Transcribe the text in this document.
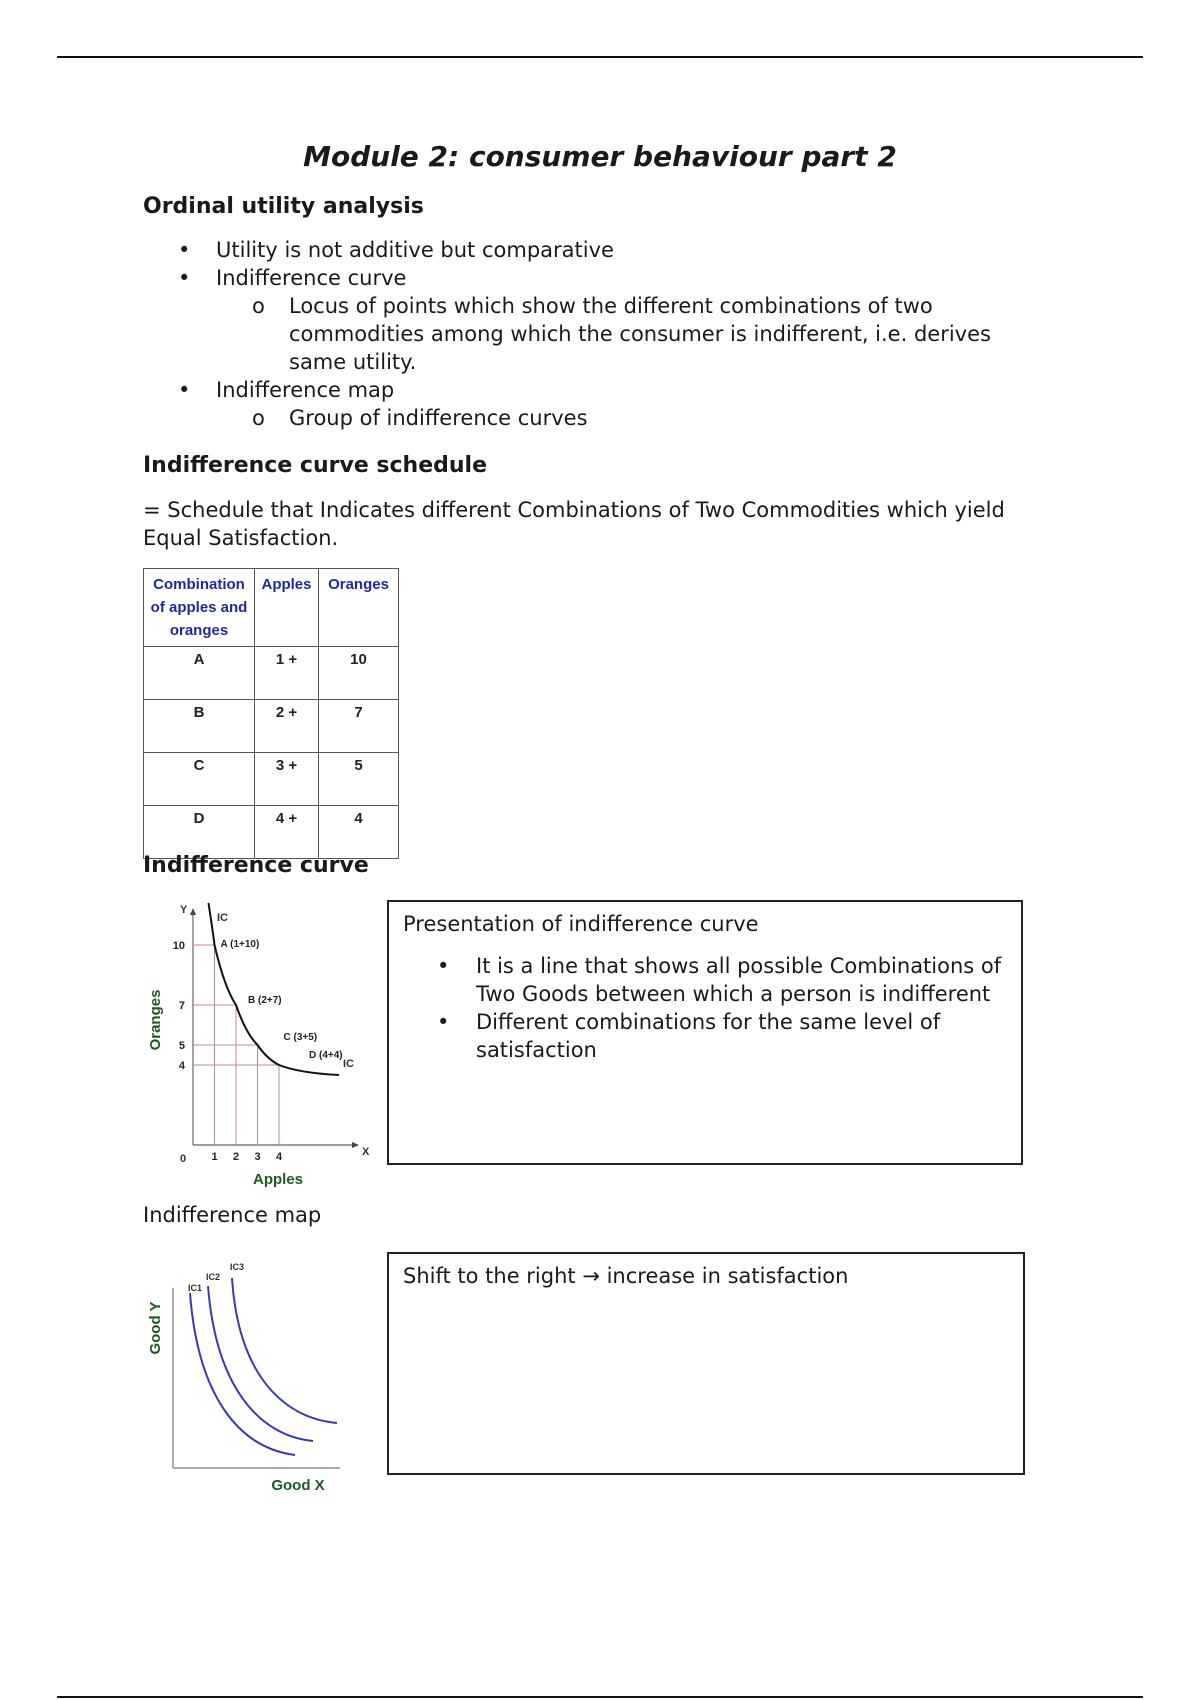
Module 2: consumer behaviour part 2
Ordinal utility analysis
• Utility is not additive but comparative
• Indifference curve
o Locus of points which show the different combinations of two commodities among which the consumer is indifferent, i.e. derives same utility.
• Indifference map
o Group of indifference curves
Indifference curve schedule

= Schedule that Indicates different Combinations of Two Commodities which yield Equal Satisfaction.

Combination of apples and oranges	Apples	Oranges
A	1 +	10
B	2 +	7
C	3 +	5
D	4 +	4
Indifference curve
1 2 3 4
10
7
5
4
A (1+10)
B (2+7)
C (3+5)
D (4+4)
X
Y
0
IC
IC
Apples
Oranges
Presentation of indifference curve
• It is a line that shows all possible Combinations of Two Goods between which a person is indifferent
• Different combinations for the same level of satisfaction

Indifference map

IC1
IC2
IC3
Good X
Good Y
Shift to the right → increase in satisfaction
